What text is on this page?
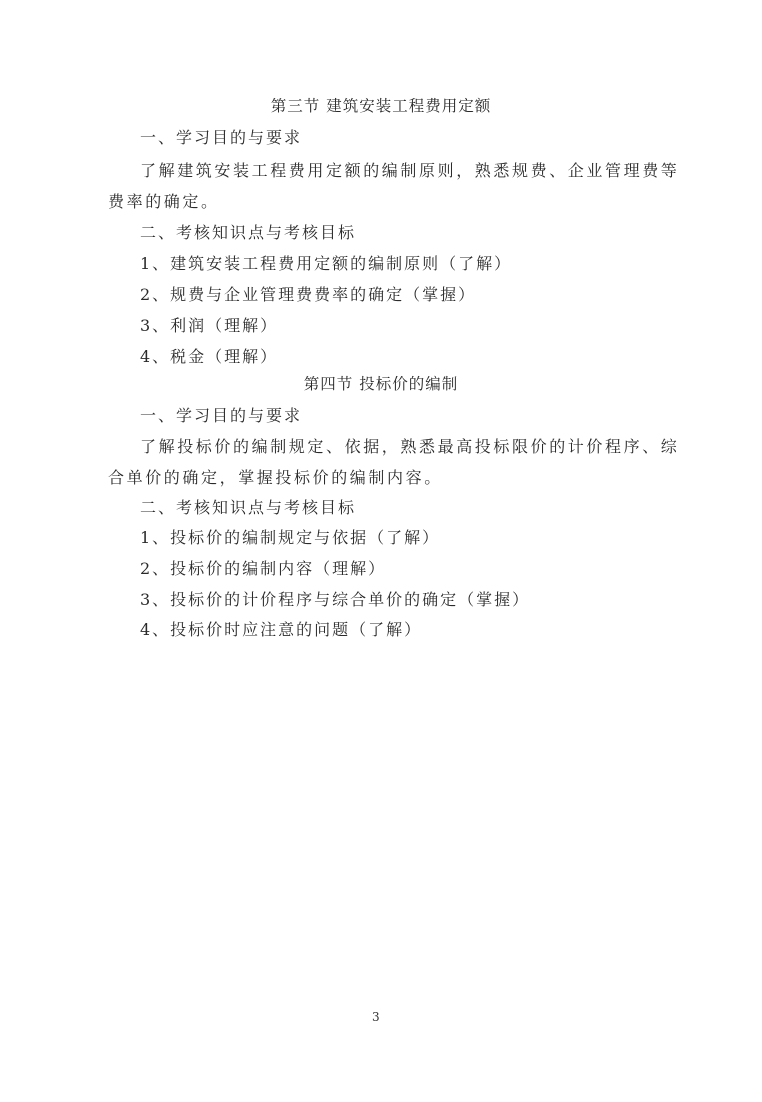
第三节 建筑安装工程费用定额
一、学习目的与要求
了解建筑安装工程费用定额的编制原则，熟悉规费、企业管理费等
费率的确定。
二、考核知识点与考核目标
1、建筑安装工程费用定额的编制原则（了解）
2、规费与企业管理费费率的确定（掌握）
3、利润（理解）
4、税金（理解）
第四节 投标价的编制
一、学习目的与要求
了解投标价的编制规定、依据，熟悉最高投标限价的计价程序、综
合单价的确定，掌握投标价的编制内容。
二、考核知识点与考核目标
1、投标价的编制规定与依据（了解）
2、投标价的编制内容（理解）
3、投标价的计价程序与综合单价的确定（掌握）
4、投标价时应注意的问题（了解）
3
